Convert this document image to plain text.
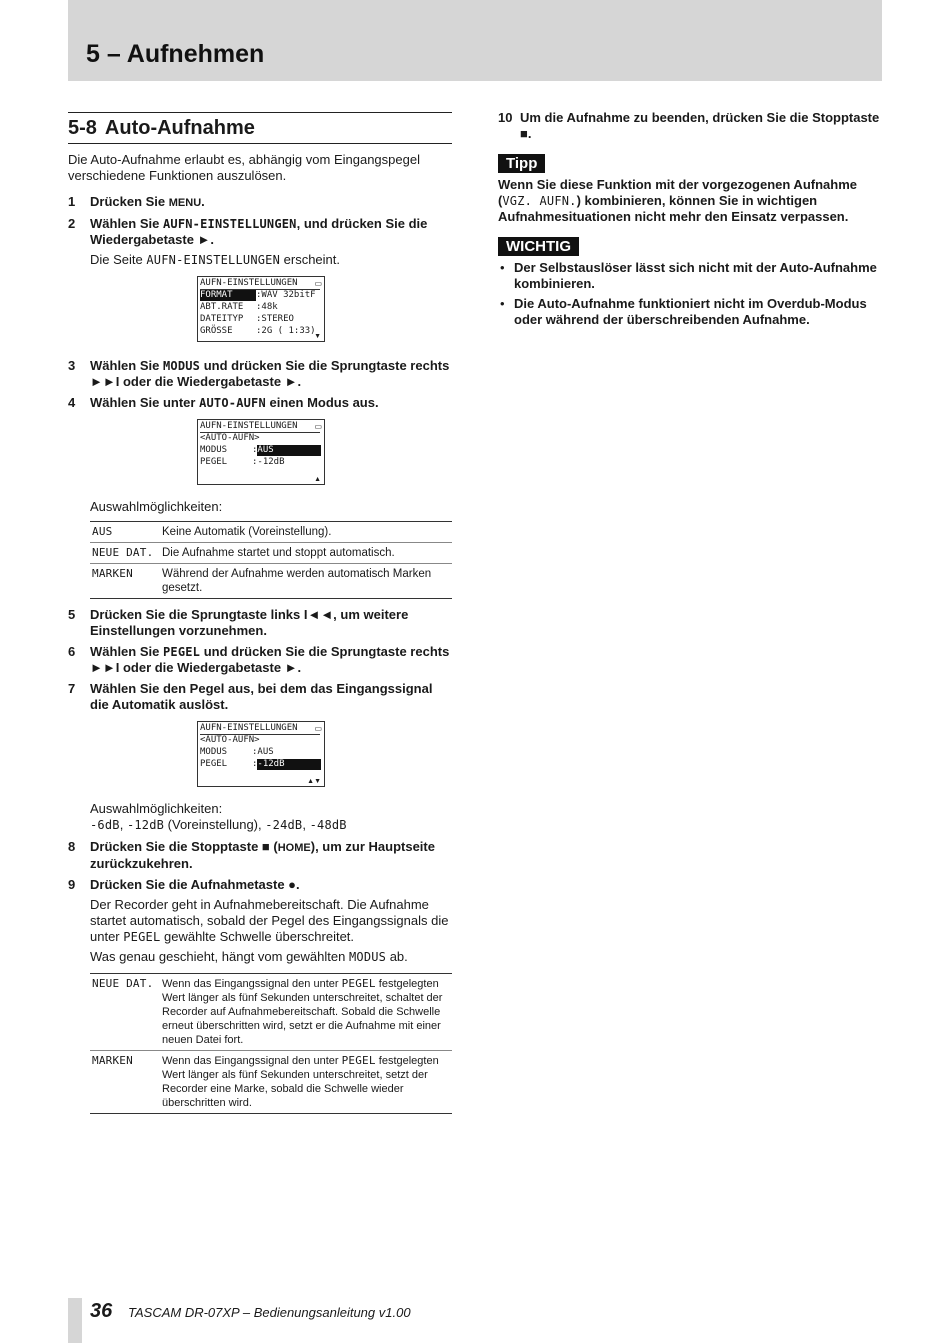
5 – Aufnehmen
5-8 Auto-Aufnahme

Die Auto-Aufnahme erlaubt es, abhängig vom Eingangspegel verschiedene Funktionen auszulösen.

1 Drücken Sie MENU.
2 Wählen Sie AUFN-EINSTELLUNGEN, und drücken Sie die Wiedergabetaste ►.
Die Seite AUFN-EINSTELLUNGEN erscheint.
AUFN-EINSTELLUNGEN	▭
FORMAT	:WAV 32bitF
ABT.RATE :48k
DATEITYP :STEREO
GRÖSSE	:2G ( 1:33)
▼
3 Wählen Sie MODUS und drücken Sie die Sprungtaste rechts ►►I oder die Wiedergabetaste ►.
4 Wählen Sie unter AUTO-AUFN einen Modus aus.
AUFN-EINSTELLUNGEN	▭
<AUTO-AUFN>
MODUS	:AUS
PEGEL	:-12dB
▲
Auswahlmöglichkeiten:
AUS	Keine Automatik (Voreinstellung).
NEUE DAT.	Die Aufnahme startet und stoppt automatisch.
MARKEN	Während der Aufnahme werden automatisch Marken gesetzt.
5 Drücken Sie die Sprungtaste links I◄◄, um weitere Einstellungen vorzunehmen.
6 Wählen Sie PEGEL und drücken Sie die Sprungtaste rechts ►►I oder die Wiedergabetaste ►.
7 Wählen Sie den Pegel aus, bei dem das Eingangssignal die Automatik auslöst.
AUFN-EINSTELLUNGEN	▭
<AUTO-AUFN>
MODUS	:AUS
PEGEL	:-12dB
▲▼
Auswahlmöglichkeiten:
-6dB, -12dB (Voreinstellung), -24dB, -48dB
8 Drücken Sie die Stopptaste ■ (HOME), um zur Hauptseite zurückzukehren.
9 Drücken Sie die Aufnahmetaste ●.
Der Recorder geht in Aufnahmebereitschaft. Die Aufnahme startet automatisch, sobald der Pegel des Eingangssignals die unter PEGEL gewählte Schwelle überschreitet.
Was genau geschieht, hängt vom gewählten MODUS ab.
NEUE DAT.	Wenn das Eingangssignal den unter PEGEL festgelegten Wert länger als fünf Sekunden unterschreitet, schaltet der Recorder auf Aufnahmebereitschaft. Sobald die Schwelle erneut überschritten wird, setzt er die Aufnahme mit einer neuen Datei fort.
MARKEN	Wenn das Eingangssignal den unter PEGEL festgelegten Wert länger als fünf Sekunden unterschreitet, setzt der Recorder eine Marke, sobald die Schwelle wieder überschritten wird.
10 Um die Aufnahme zu beenden, drücken Sie die Stopptaste ■.
Tipp
Wenn Sie diese Funktion mit der vorgezogenen Aufnahme (VGZ. AUFN.) kombinieren, können Sie in wichtigen Aufnahmesituationen nicht mehr den Einsatz verpassen.
WICHTIG
• Der Selbstauslöser lässt sich nicht mit der Auto-Aufnahme kombinieren.
• Die Auto-Aufnahme funktioniert nicht im Overdub-Modus oder während der überschreibenden Aufnahme.
36 TASCAM DR-07XP – Bedienungsanleitung v1.00
